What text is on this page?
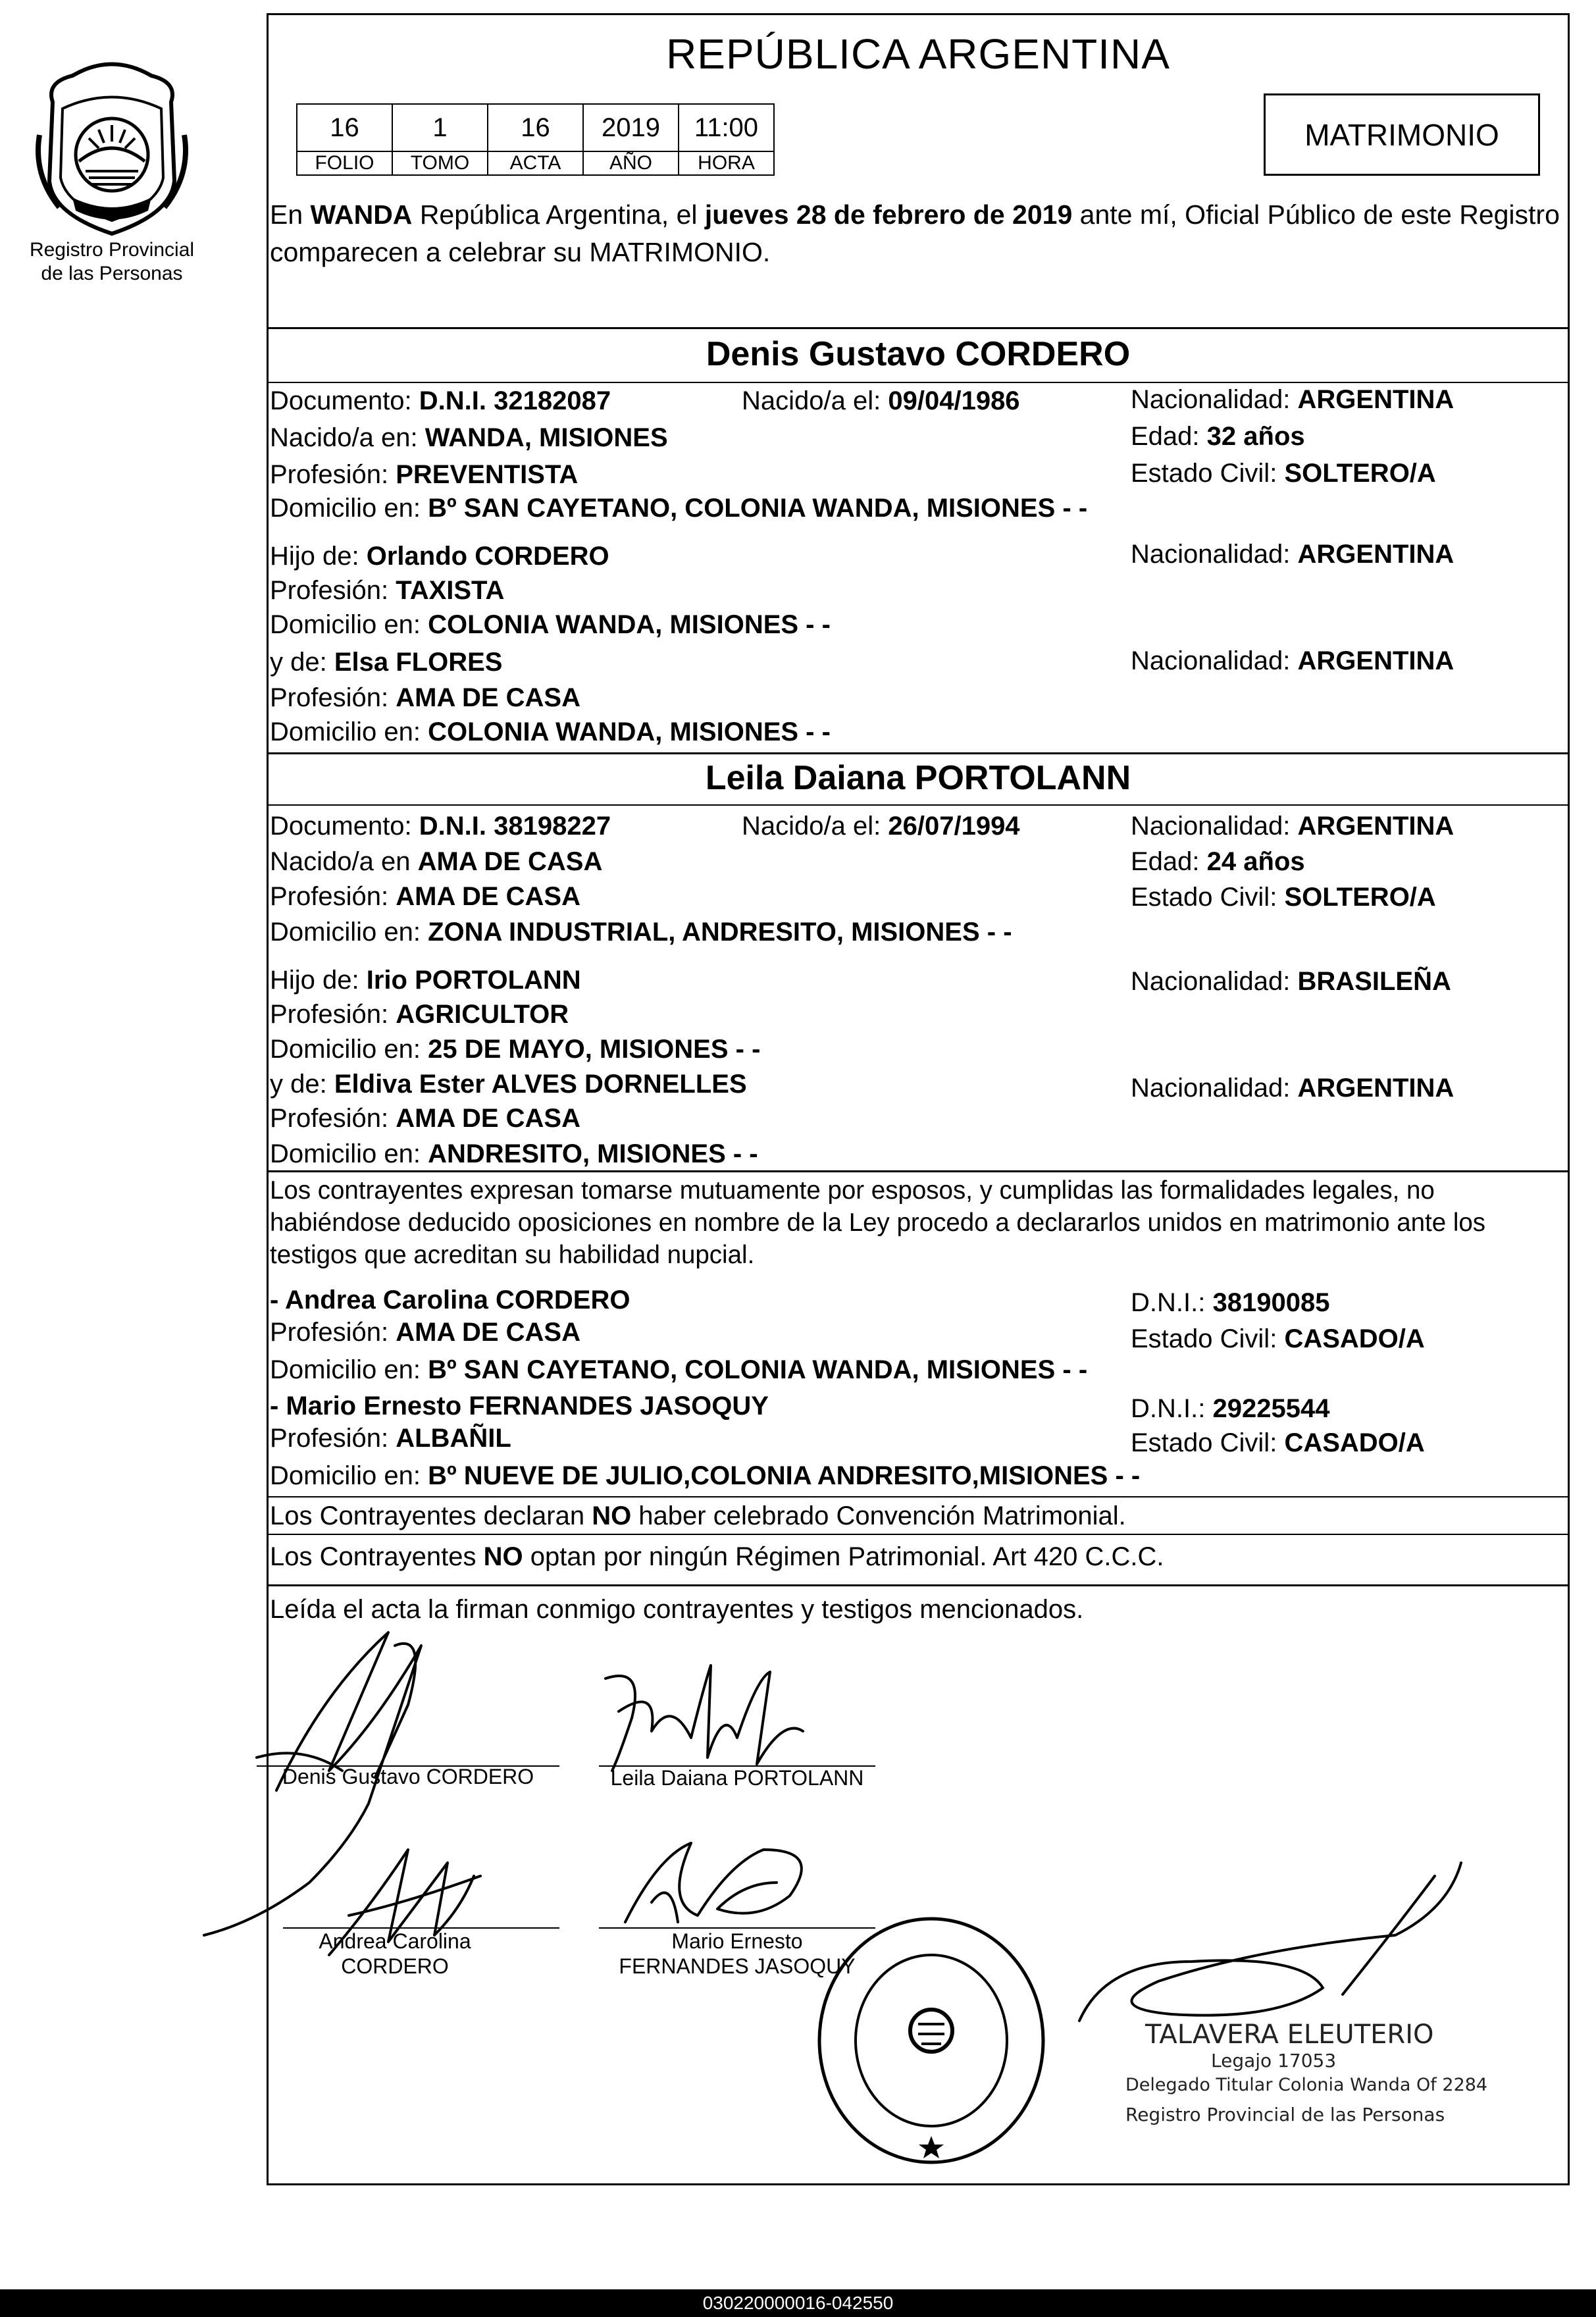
Registro Provincial
de las Personas
REPÚBLICA ARGENTINA
16	1	16	2019	11:00
FOLIO	TOMO	ACTA	AÑO	HORA
MATRIMONIO
En WANDA República Argentina, el jueves 28 de febrero de 2019 ante mí, Oficial Público de este Registro comparecen a celebrar su MATRIMONIO.
Denis Gustavo CORDERO
Documento: D.N.I. 32182087	Nacido/a el: 09/04/1986	Nacionalidad: ARGENTINA
Nacido/a en: WANDA, MISIONES	Edad: 32 años
Profesión: PREVENTISTA	Estado Civil: SOLTERO/A
Domicilio en: Bº SAN CAYETANO, COLONIA WANDA, MISIONES - -
Hijo de: Orlando CORDERO	Nacionalidad: ARGENTINA
Profesión: TAXISTA
Domicilio en: COLONIA WANDA, MISIONES - -
y de: Elsa FLORES	Nacionalidad: ARGENTINA
Profesión: AMA DE CASA
Domicilio en: COLONIA WANDA, MISIONES - -
Leila Daiana PORTOLANN
Documento: D.N.I. 38198227	Nacido/a el: 26/07/1994	Nacionalidad: ARGENTINA
Nacido/a en AMA DE CASA	Edad: 24 años
Profesión: AMA DE CASA	Estado Civil: SOLTERO/A
Domicilio en: ZONA INDUSTRIAL, ANDRESITO, MISIONES - -
Hijo de: Irio PORTOLANN	Nacionalidad: BRASILEÑA
Profesión: AGRICULTOR
Domicilio en: 25 DE MAYO, MISIONES - -
y de: Eldiva Ester ALVES DORNELLES	Nacionalidad: ARGENTINA
Profesión: AMA DE CASA
Domicilio en: ANDRESITO, MISIONES - -
Los contrayentes expresan tomarse mutuamente por esposos, y cumplidas las formalidades legales, no habiéndose deducido oposiciones en nombre de la Ley procedo a declararlos unidos en matrimonio ante los testigos que acreditan su habilidad nupcial.
- Andrea Carolina CORDERO	D.N.I.: 38190085
Profesión: AMA DE CASA	Estado Civil: CASADO/A
Domicilio en: Bº SAN CAYETANO, COLONIA WANDA, MISIONES - -
- Mario Ernesto FERNANDES JASOQUY	D.N.I.: 29225544
Profesión: ALBAÑIL	Estado Civil: CASADO/A
Domicilio en: Bº NUEVE DE JULIO,COLONIA ANDRESITO,MISIONES - -
Los Contrayentes declaran NO haber celebrado Convención Matrimonial.
Los Contrayentes NO optan por ningún Régimen Patrimonial. Art 420 C.C.C.
Leída el acta la firman conmigo contrayentes y testigos mencionados.
Denis Gustavo CORDERO	Leila Daiana PORTOLANN
Andrea Carolina
CORDERO
Mario Ernesto
FERNANDES JASOQUY
TALAVERA ELEUTERIO
Legajo 17053
Delegado Titular Colonia Wanda Of 2284
Registro Provincial de las Personas
030220000016-042550
